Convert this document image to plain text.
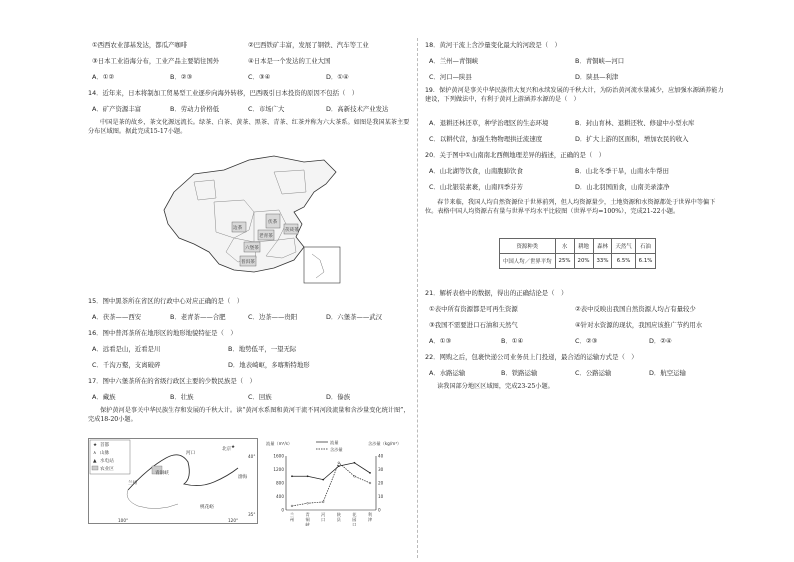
①西西农业部基发达，都瓜产咖啡	②巴西铁矿丰富，发展了钢铁、汽车等工业
③日本工业沿海分布，工业产品主要销往国外	④日本是一个发达的工业大国
A．①②	B．②③	C．③④	D．①④
14．近年来，日本将制加工贸易型工业逐步向海外转移，巴西吸引日本投资的原因不包括（　）
A．矿产资源丰富	B．劳动力价格低	C．市场广大	D．高新技术产业发达
中国是茶的故乡，茶文化源远流长。绿茶、白茶、黄茶、黑茶、青茶、红茶并称为六大茶系。如图是我国某茶主要分布区域图。据此完成15-17小题。
伏茶
老青茶
六堡茶
边茶
普洱茶
茯砖茶
15．图中黑茶所在省区的行政中心对应正确的是（　）
A．茯茶——西安	B．老青茶——合肥	C．边茶——贵阳	D．六堡茶——武汉
16．图中普洱茶所在地形区的地形地貌特征是（　）
A．远看是山，近看是川	B．地势低平，一望无际
C．千沟万壑，支离破碎	D．地表崎岖，多喀斯特地形
17．图中六堡茶所在的省级行政区主要的少数民族是（　）
A．藏族	B．壮族	C．回族	D．傣族
保护黄河是事关中华民族生存和发展的千秋大计。读“黄河水系图和黄河干流不同河段流量和含沙量变化统计图”，完成18-20小题。
★ 首都
∧ 山脉
▲ 水电站
农业区
河口
北京
青铜峡
兰州
桃花峪
渤海
40°
35°
100°	120°
★
流量（m³/s）	含沙量（kg/m³）
流量
含沙量
1600
1200
800
400
0
40
30
20
10
0
兰
州
青
铜
峡
河
口
陕
县
花
园
口
利
津
18．黄河干流上含沙量变化最大的河段是（　）
A．兰州—青铜峡	B．青铜峡—河口
C．河口—陕县	D．陕县—利津
19．保护黄河是事关中华民族伟大复兴和永续发展的千秋大计，为防治黄河流水量减少，应加强水源涵养能力建设，下列做法中，有利于黄河上游涵养水源的是（　）
A．退耕还林还草，种学治理区的生态环境	B．封山育林、退耕还牧、修建中小型水库
C．以耕代营，加强生物物理拱迁流速度	D．扩大上游的区面积，增加农民的收入
20．关于图中①山南南北西侧地理差异的描述，正确的是（　）
A．山北湖等饮食，山南腹肺饮食	B．山北冬季干旱，山南水牛帮田
C．山北银装素裹，山南四季芬芳	D．山北羽国面食，山南美录漆净
春节来临，我国人均自然资源位于世界前列，但人均资源量少，土地资源和水资源都处于世界中等偏下位。表格中国人均资源占有量与世界平均水平比较图（世界平均=100%），完成21-22小题。
资源种类	水	耕地	森林	天然气	石油
中国人均／世界平均	25%	20%	33%	6.5%	6.1%
21．解析表格中的数据，得出的正确结论是（　）
①表中所有资源都是可再生资源	②表中反映出我国自然资源人均占有量较少
③我国不需要进口石油和天然气	④针对水资源的现状，我国应该推广节约用水
A．①③	B．①④	C．②③	D．②④
22．网购之后，包裹快递公司业务员上门投递，最合适的运输方式是（　）
A．水路运输	B．铁路运输	C．公路运输	D．航空运输
读我国部分地区区域图，完成23-25小题。
